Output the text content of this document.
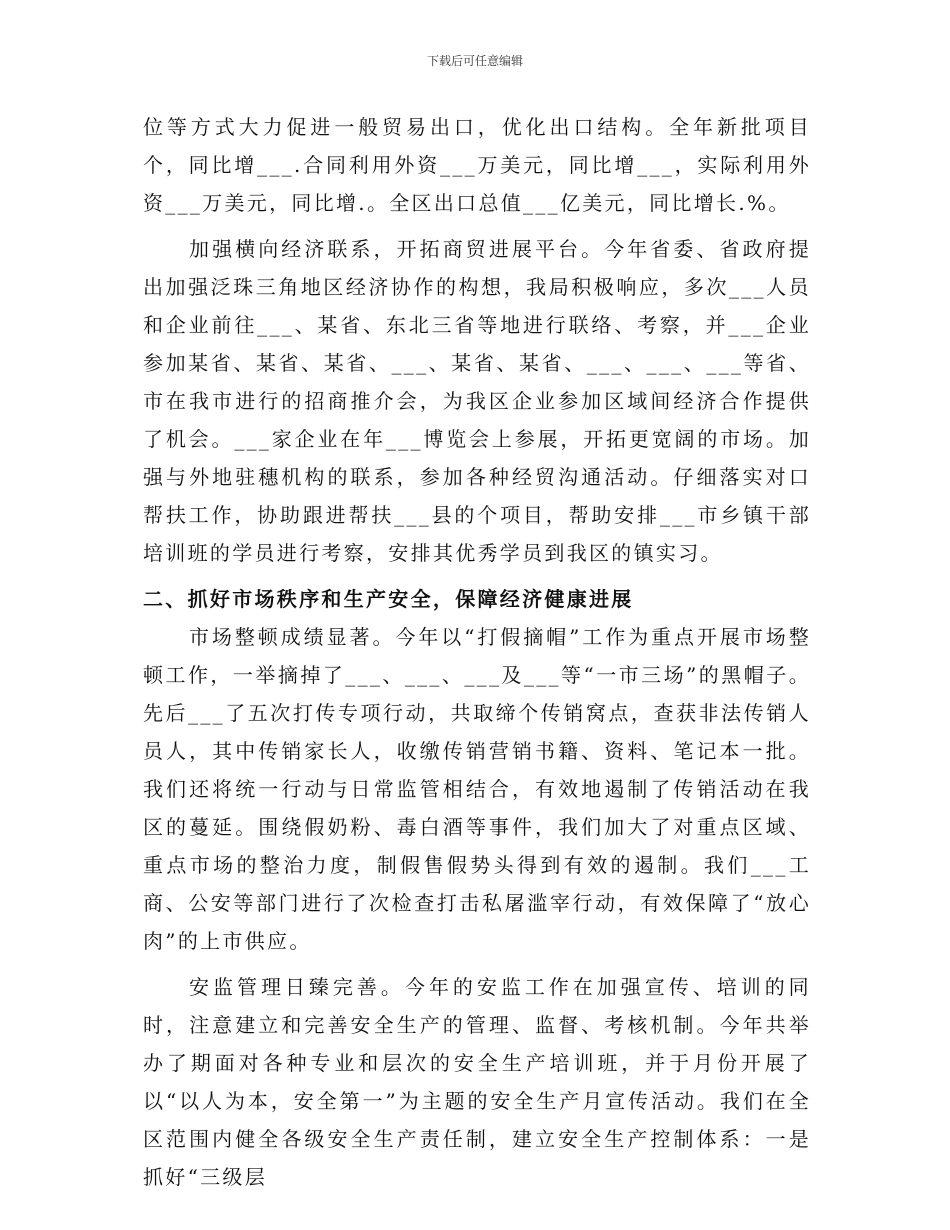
下载后可任意编辑

位等方式大力促进一般贸易出口，优化出口结构。全年新批项目个，同比增___.合同利用外资___万美元，同比增___，实际利用外资___万美元，同比增.。全区出口总值___亿美元，同比增长.%。

加强横向经济联系，开拓商贸进展平台。今年省委、省政府提出加强泛珠三角地区经济协作的构想，我局积极响应，多次___人员和企业前往___、某省、东北三省等地进行联络、考察，并___企业参加某省、某省、某省、___、某省、某省、___、___、___等省、市在我市进行的招商推介会，为我区企业参加区域间经济合作提供了机会。___家企业在年___博览会上参展，开拓更宽阔的市场。加强与外地驻穗机构的联系，参加各种经贸沟通活动。仔细落实对口帮扶工作，协助跟进帮扶___县的个项目，帮助安排___市乡镇干部培训班的学员进行考察，安排其优秀学员到我区的镇实习。

二、抓好市场秩序和生产安全，保障经济健康进展

市场整顿成绩显著。今年以“打假摘帽”工作为重点开展市场整顿工作，一举摘掉了___、___、___及___等“一市三场”的黑帽子。先后___了五次打传专项行动，共取缔个传销窝点，查获非法传销人员人，其中传销家长人，收缴传销营销书籍、资料、笔记本一批。我们还将统一行动与日常监管相结合，有效地遏制了传销活动在我区的蔓延。围绕假奶粉、毒白酒等事件，我们加大了对重点区域、重点市场的整治力度，制假售假势头得到有效的遏制。我们___工商、公安等部门进行了次检查打击私屠滥宰行动，有效保障了“放心肉”的上市供应。

安监管理日臻完善。今年的安监工作在加强宣传、培训的同时，注意建立和完善安全生产的管理、监督、考核机制。今年共举办了期面对各种专业和层次的安全生产培训班，并于月份开展了以“以人为本，安全第一”为主题的安全生产月宣传活动。我们在全区范围内健全各级安全生产责任制，建立安全生产控制体系：一是抓好“三级层
